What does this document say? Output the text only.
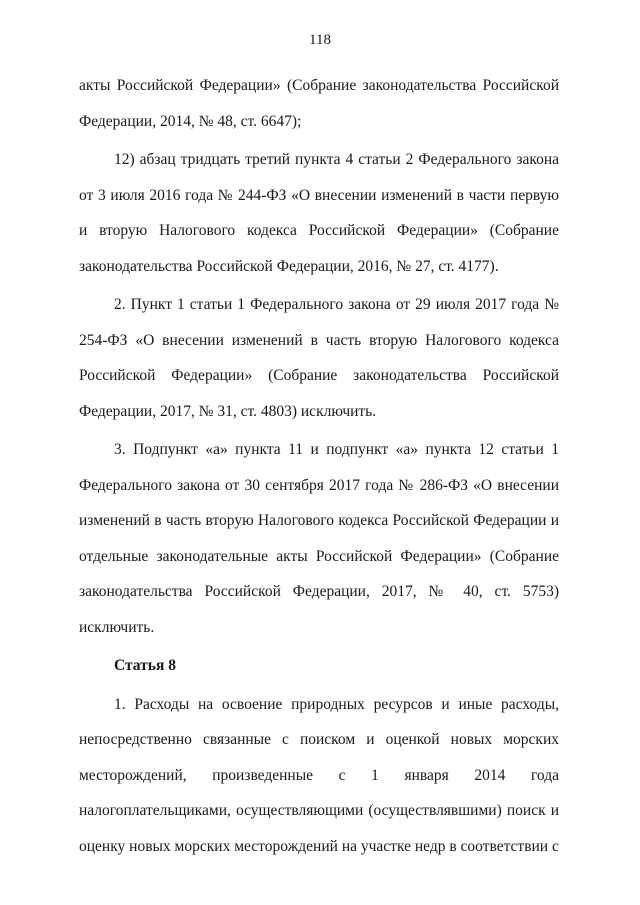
118

акты Российской Федерации» (Собрание законодательства Российской Федерации, 2014, № 48, ст. 6647);

12) абзац тридцать третий пункта 4 статьи 2 Федерального закона от 3 июля 2016 года № 244-ФЗ «О внесении изменений в части первую и вторую Налогового кодекса Российской Федерации» (Собрание законодательства Российской Федерации, 2016, № 27, ст. 4177).

2. Пункт 1 статьи 1 Федерального закона от 29 июля 2017 года № 254-ФЗ «О внесении изменений в часть вторую Налогового кодекса Российской Федерации» (Собрание законодательства Российской Федерации, 2017, № 31, ст. 4803) исключить.

3. Подпункт «а» пункта 11 и подпункт «а» пункта 12 статьи 1 Федерального закона от 30 сентября 2017 года № 286-ФЗ «О внесении изменений в часть вторую Налогового кодекса Российской Федерации и отдельные законодательные акты Российской Федерации» (Собрание законодательства Российской Федерации, 2017, № 40, ст. 5753) исключить.

Статья 8

1. Расходы на освоение природных ресурсов и иные расходы, непосредственно связанные с поиском и оценкой новых морских месторождений, произведенные с 1 января 2014 года налогоплательщиками, осуществляющими (осуществлявшими) поиск и оценку новых морских месторождений на участке недр в соответствии с
